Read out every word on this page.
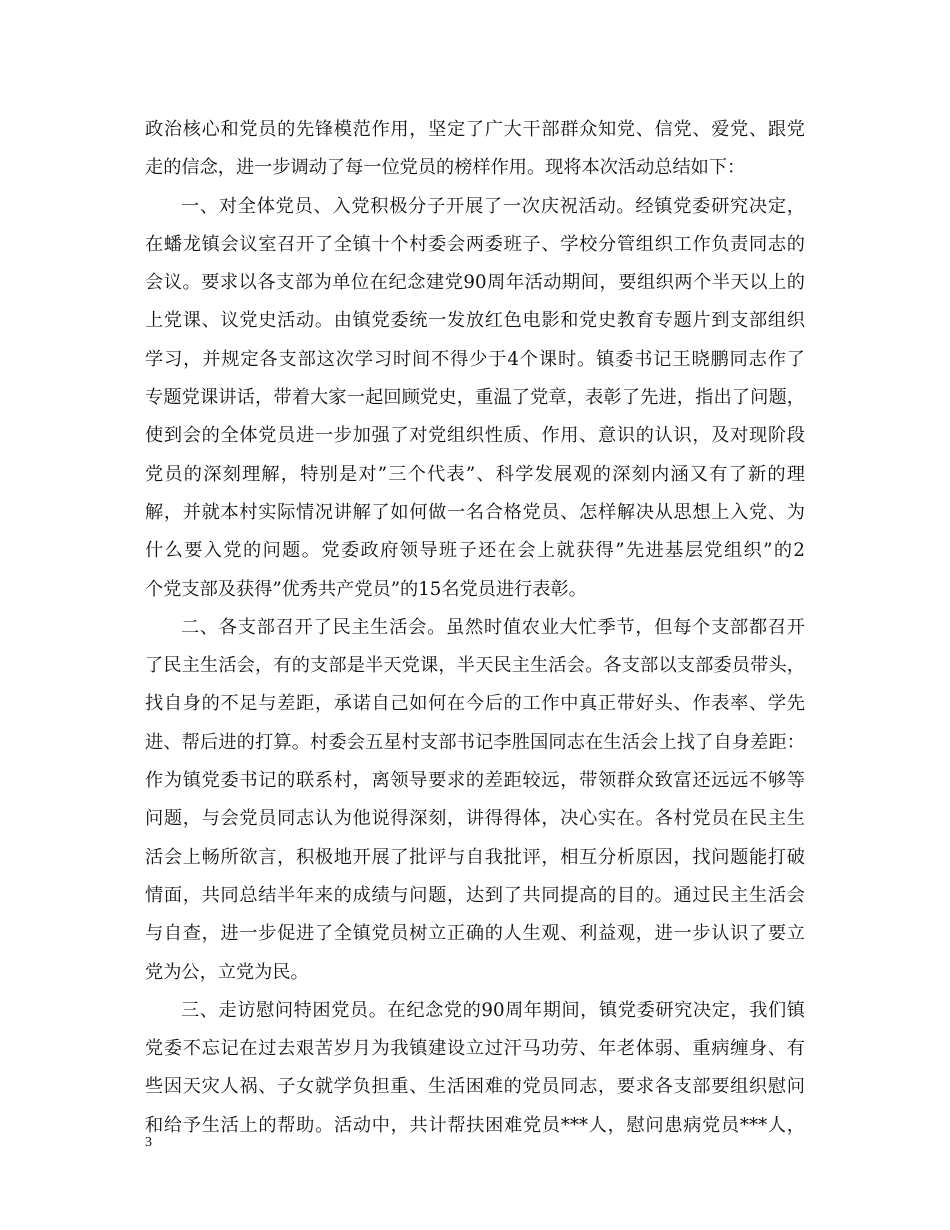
政治核心和党员的先锋模范作用，坚定了广大干部群众知党、信党、爱党、跟党
走的信念，进一步调动了每一位党员的榜样作用。现将本次活动总结如下：
一、对全体党员、入党积极分子开展了一次庆祝活动。经镇党委研究决定，
在蟠龙镇会议室召开了全镇十个村委会两委班子、学校分管组织工作负责同志的
会议。要求以各支部为单位在纪念建党90周年活动期间，要组织两个半天以上的
上党课、议党史活动。由镇党委统一发放红色电影和党史教育专题片到支部组织
学习，并规定各支部这次学习时间不得少于4个课时。镇委书记王晓鹏同志作了
专题党课讲话，带着大家一起回顾党史，重温了党章，表彰了先进，指出了问题，
使到会的全体党员进一步加强了对党组织性质、作用、意识的认识，及对现阶段
党员的深刻理解，特别是对”三个代表”、科学发展观的深刻内涵又有了新的理
解，并就本村实际情况讲解了如何做一名合格党员、怎样解决从思想上入党、为
什么要入党的问题。党委政府领导班子还在会上就获得”先进基层党组织”的2
个党支部及获得”优秀共产党员”的15名党员进行表彰。
二、各支部召开了民主生活会。虽然时值农业大忙季节，但每个支部都召开
了民主生活会，有的支部是半天党课，半天民主生活会。各支部以支部委员带头，
找自身的不足与差距，承诺自己如何在今后的工作中真正带好头、作表率、学先
进、帮后进的打算。村委会五星村支部书记李胜国同志在生活会上找了自身差距：
作为镇党委书记的联系村，离领导要求的差距较远，带领群众致富还远远不够等
问题，与会党员同志认为他说得深刻，讲得得体，决心实在。各村党员在民主生
活会上畅所欲言，积极地开展了批评与自我批评，相互分析原因，找问题能打破
情面，共同总结半年来的成绩与问题，达到了共同提高的目的。通过民主生活会
与自查，进一步促进了全镇党员树立正确的人生观、利益观，进一步认识了要立
党为公，立党为民。
三、走访慰问特困党员。在纪念党的90周年期间，镇党委研究决定，我们镇
党委不忘记在过去艰苦岁月为我镇建设立过汗马功劳、年老体弱、重病缠身、有
些因天灾人祸、子女就学负担重、生活困难的党员同志，要求各支部要组织慰问
和给予生活上的帮助。活动中，共计帮扶困难党员***人，慰问患病党员***人，
3
